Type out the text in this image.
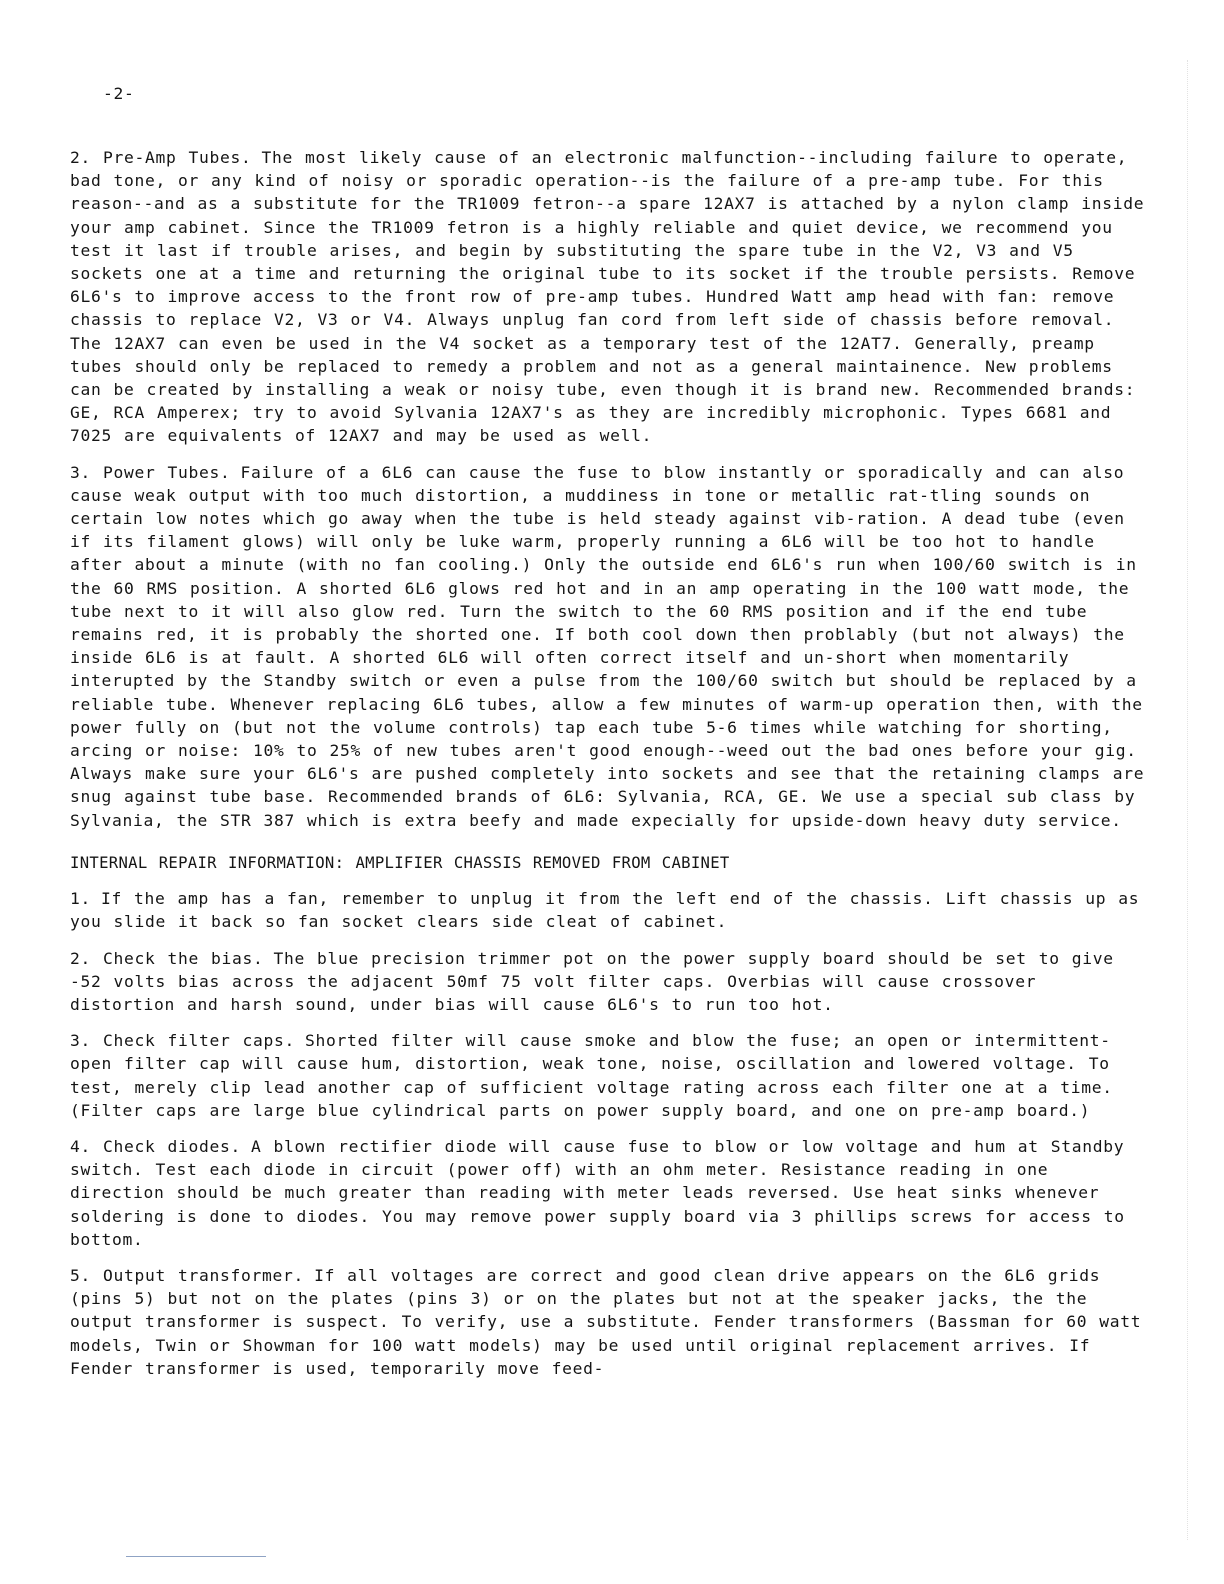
-2-

2. Pre-Amp Tubes. The most likely cause of an electronic malfunction--including failure to operate, bad tone, or any kind of noisy or sporadic operation--is the failure of a pre-amp tube. For this reason--and as a substitute for the TR1009 fetron--a spare 12AX7 is attached by a nylon clamp inside your amp cabinet. Since the TR1009 fetron is a highly reliable and quiet device, we recommend you test it last if trouble arises, and begin by substituting the spare tube in the V2, V3 and V5 sockets one at a time and returning the original tube to its socket if the trouble persists. Remove 6L6's to improve access to the front row of pre-amp tubes. Hundred Watt amp head with fan: remove chassis to replace V2, V3 or V4. Always unplug fan cord from left side of chassis before removal. The 12AX7 can even be used in the V4 socket as a temporary test of the 12AT7. Generally, preamp tubes should only be replaced to remedy a problem and not as a general maintainence. New problems can be created by installing a weak or noisy tube, even though it is brand new. Recommended brands: GE, RCA Amperex; try to avoid Sylvania 12AX7's as they are incredibly microphonic. Types 6681 and 7025 are equivalents of 12AX7 and may be used as well.

3. Power Tubes. Failure of a 6L6 can cause the fuse to blow instantly or sporadically and can also cause weak output with too much distortion, a muddiness in tone or metallic rat-tling sounds on certain low notes which go away when the tube is held steady against vib-ration. A dead tube (even if its filament glows) will only be luke warm, properly running a 6L6 will be too hot to handle after about a minute (with no fan cooling.) Only the outside end 6L6's run when 100/60 switch is in the 60 RMS position. A shorted 6L6 glows red hot and in an amp operating in the 100 watt mode, the tube next to it will also glow red. Turn the switch to the 60 RMS position and if the end tube remains red, it is probably the shorted one. If both cool down then problably (but not always) the inside 6L6 is at fault. A shorted 6L6 will often correct itself and un-short when momentarily interupted by the Standby switch or even a pulse from the 100/60 switch but should be replaced by a reliable tube. Whenever replacing 6L6 tubes, allow a few minutes of warm-up operation then, with the power fully on (but not the volume controls) tap each tube 5-6 times while watching for shorting, arcing or noise: 10% to 25% of new tubes aren't good enough--weed out the bad ones before your gig. Always make sure your 6L6's are pushed completely into sockets and see that the retaining clamps are snug against tube base. Recommended brands of 6L6: Sylvania, RCA, GE. We use a special sub class by Sylvania, the STR 387 which is extra beefy and made expecially for upside-down heavy duty service.

INTERNAL REPAIR INFORMATION: AMPLIFIER CHASSIS REMOVED FROM CABINET

1. If the amp has a fan, remember to unplug it from the left end of the chassis. Lift chassis up as you slide it back so fan socket clears side cleat of cabinet.

2. Check the bias. The blue precision trimmer pot on the power supply board should be set to give -52 volts bias across the adjacent 50mf 75 volt filter caps. Overbias will cause crossover distortion and harsh sound, under bias will cause 6L6's to run too hot.

3. Check filter caps. Shorted filter will cause smoke and blow the fuse; an open or intermittent-open filter cap will cause hum, distortion, weak tone, noise, oscillation and lowered voltage. To test, merely clip lead another cap of sufficient voltage rating across each filter one at a time. (Filter caps are large blue cylindrical parts on power supply board, and one on pre-amp board.)

4. Check diodes. A blown rectifier diode will cause fuse to blow or low voltage and hum at Standby switch. Test each diode in circuit (power off) with an ohm meter. Resistance reading in one direction should be much greater than reading with meter leads reversed. Use heat sinks whenever soldering is done to diodes. You may remove power supply board via 3 phillips screws for access to bottom.

5. Output transformer. If all voltages are correct and good clean drive appears on the 6L6 grids (pins 5) but not on the plates (pins 3) or on the plates but not at the speaker jacks, the the output transformer is suspect. To verify, use a substitute. Fender transformers (Bassman for 60 watt models, Twin or Showman for 100 watt models) may be used until original replacement arrives. If Fender transformer is used, temporarily move feed-
